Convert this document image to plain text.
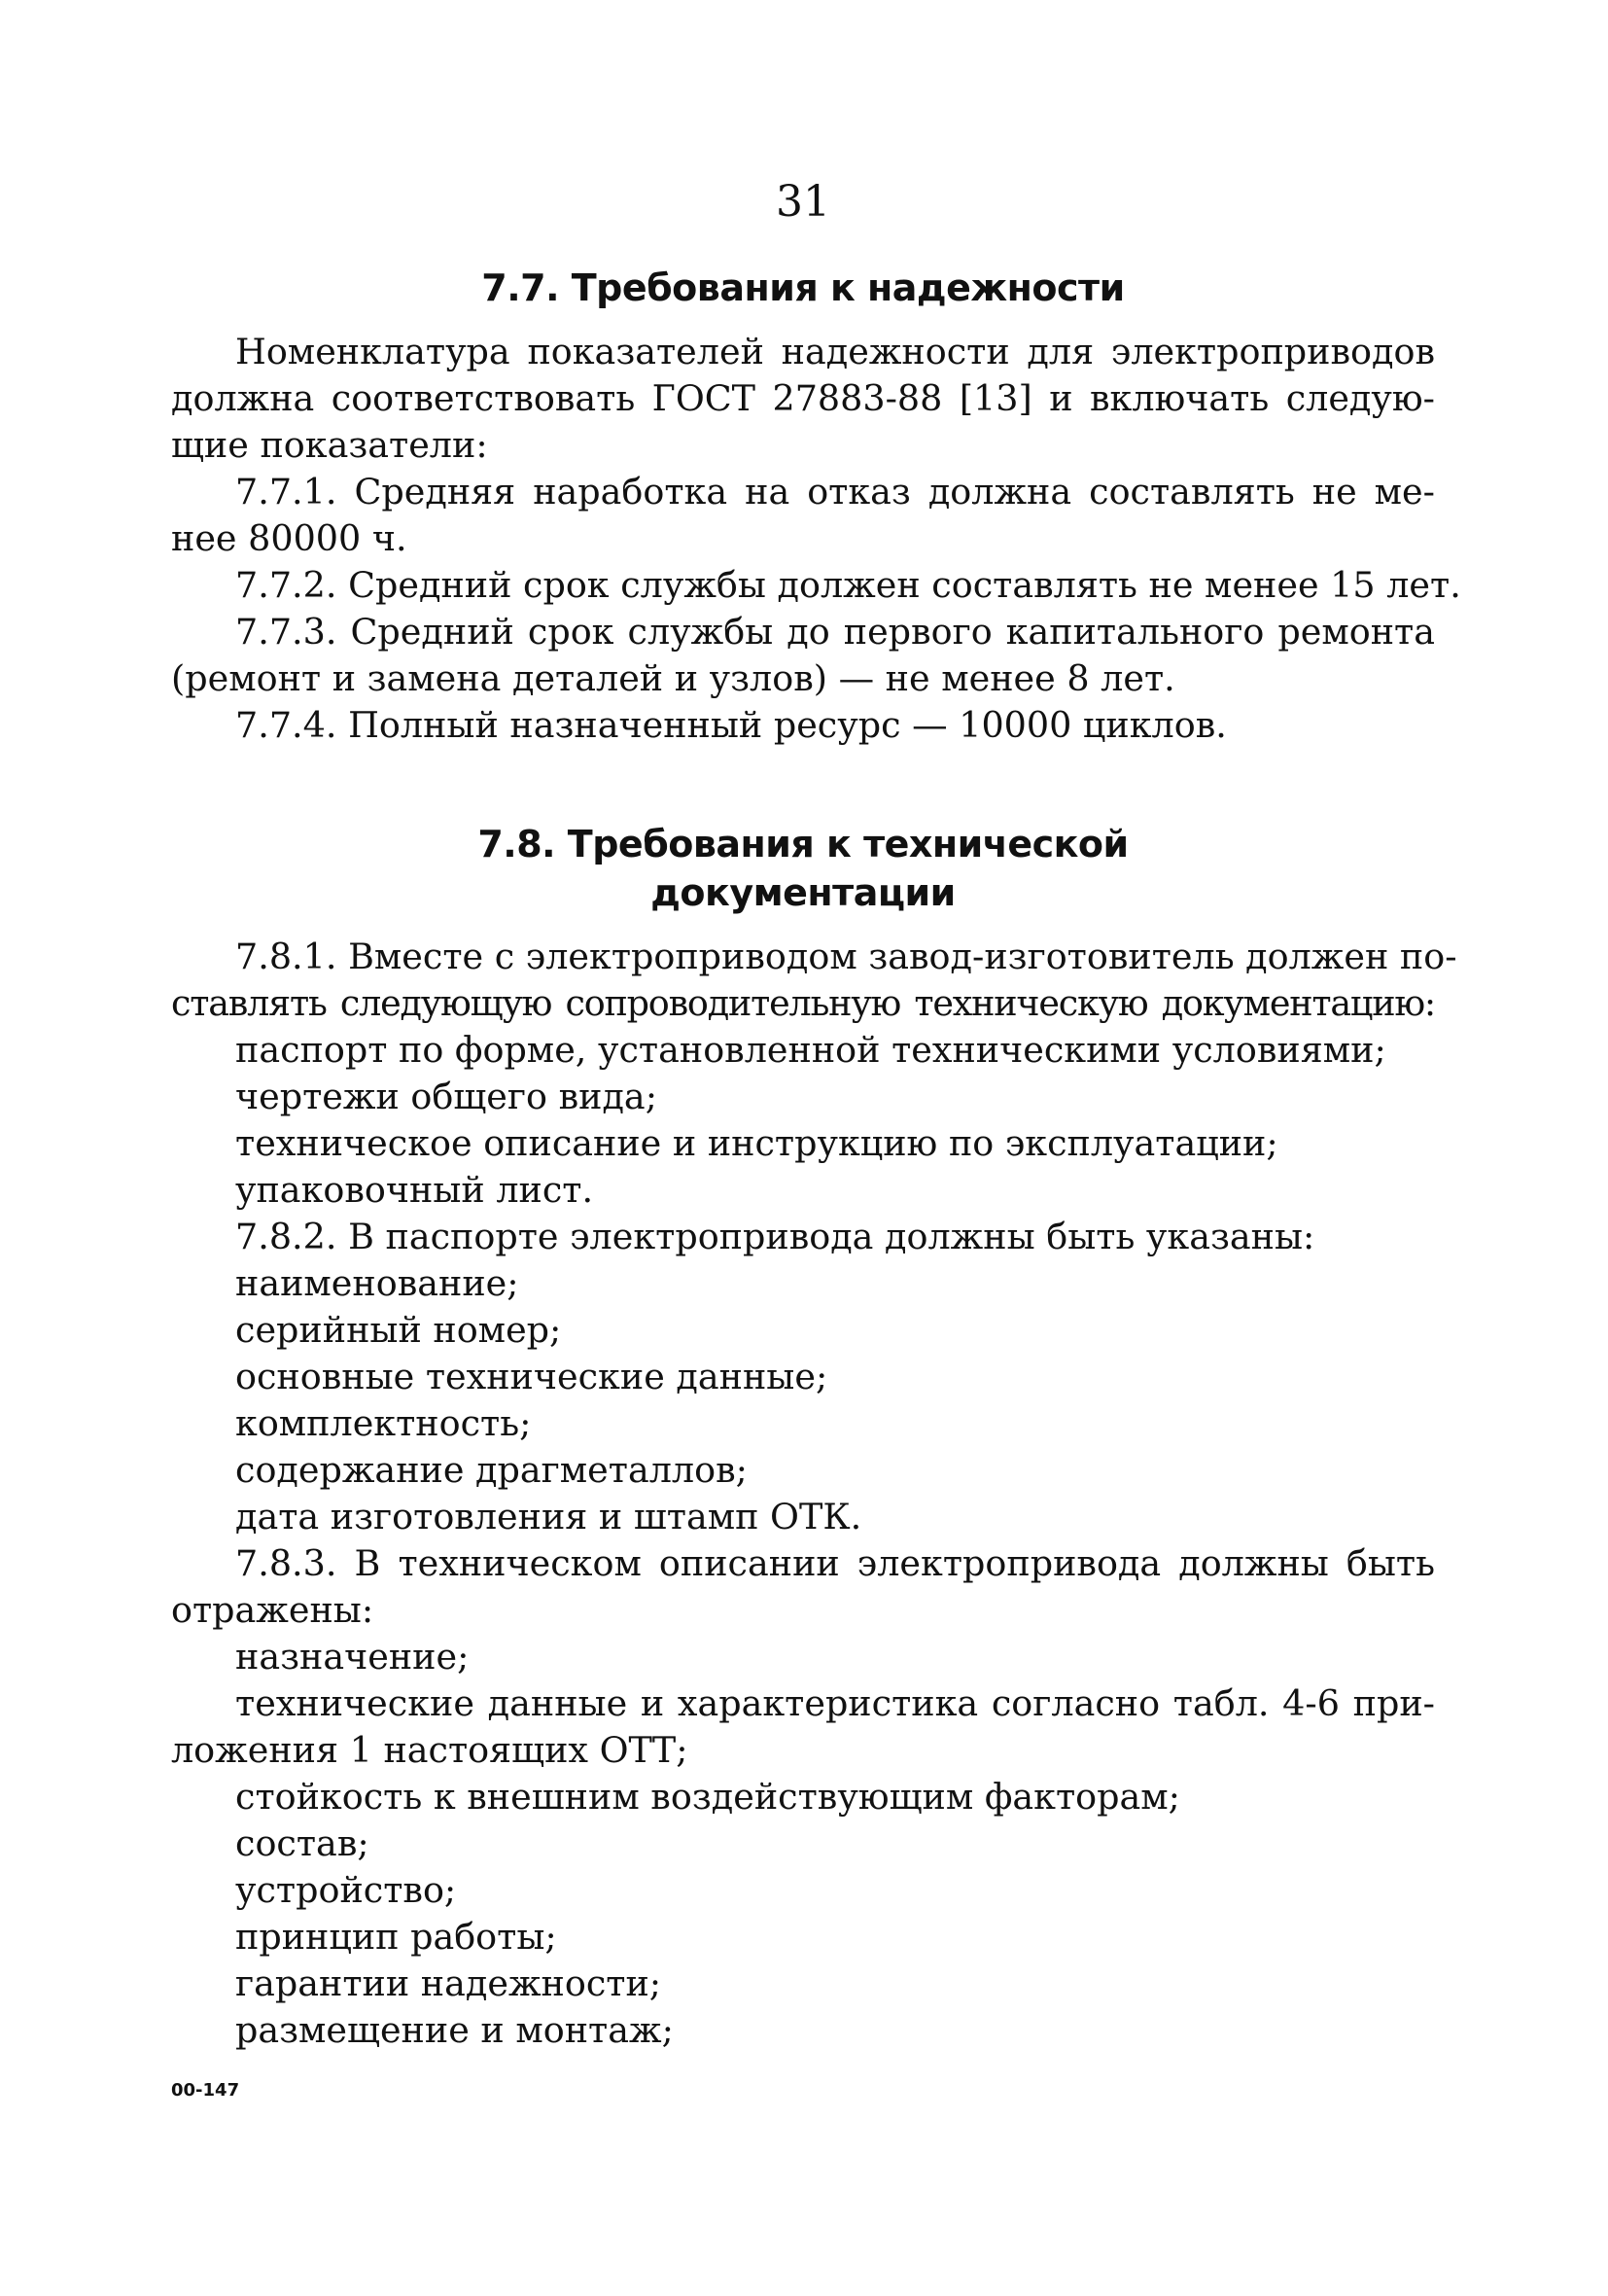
31
7.7. Требования к надежности
Номенклатура показателей надежности для электроприводов
должна соответствовать ГОСТ 27883-88 [13] и включать следую-
щие показатели:
7.7.1. Средняя наработка на отказ должна составлять не ме-
нее 80000 ч.
7.7.2. Средний срок службы должен составлять не менее 15 лет.
7.7.3. Средний срок службы до первого капитального ремонта
(ремонт и замена деталей и узлов) — не менее 8 лет.
7.7.4. Полный назначенный ресурс — 10000 циклов.
7.8. Требования к технической
документации
7.8.1. Вместе с электроприводом завод-изготовитель должен по-
ставлять следующую сопроводительную техническую документацию:
паспорт по форме, установленной техническими условиями;
чертежи общего вида;
техническое описание и инструкцию по эксплуатации;
упаковочный лист.
7.8.2. В паспорте электропривода должны быть указаны:
наименование;
серийный номер;
основные технические данные;
комплектность;
содержание драгметаллов;
дата изготовления и штамп ОТК.
7.8.3. В техническом описании электропривода должны быть
отражены:
назначение;
технические данные и характеристика согласно табл. 4-6 при-
ложения 1 настоящих ОТТ;
стойкость к внешним воздействующим факторам;
состав;
устройство;
принцип работы;
гарантии надежности;
размещение и монтаж;
00-147
